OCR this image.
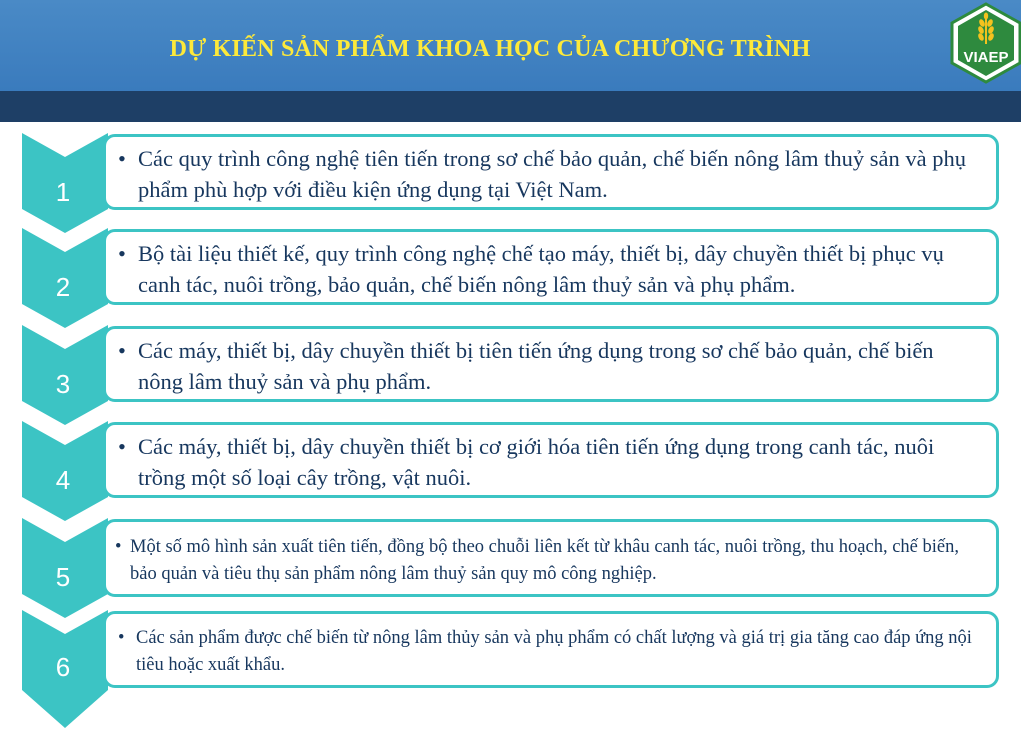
DỰ KIẾN SẢN PHẨM KHOA HỌC CỦA CHƯƠNG TRÌNH	VIAEP
1
• Các quy trình công nghệ tiên tiến trong sơ chế bảo quản, chế biến nông lâm thuỷ sản và phụ phẩm phù hợp với điều kiện ứng dụng tại Việt Nam.
2
• Bộ tài liệu thiết kế, quy trình công nghệ chế tạo máy, thiết bị, dây chuyền thiết bị phục vụ canh tác, nuôi trồng, bảo quản, chế biến nông lâm thuỷ sản và phụ phẩm.
3
• Các máy, thiết bị, dây chuyền thiết bị tiên tiến ứng dụng trong sơ chế bảo quản, chế biến nông lâm thuỷ sản và phụ phẩm.
4
• Các máy, thiết bị, dây chuyền thiết bị cơ giới hóa tiên tiến ứng dụng trong canh tác, nuôi trồng một số loại cây trồng, vật nuôi.
5
• Một số mô hình sản xuất tiên tiến, đồng bộ theo chuỗi liên kết từ khâu canh tác, nuôi trồng, thu hoạch, chế biến, bảo quản và tiêu thụ sản phẩm nông lâm thuỷ sản quy mô công nghiệp.
6
• Các sản phẩm được chế biến từ nông lâm thủy sản và phụ phẩm có chất lượng và giá trị gia tăng cao đáp ứng nội tiêu hoặc xuất khẩu.
